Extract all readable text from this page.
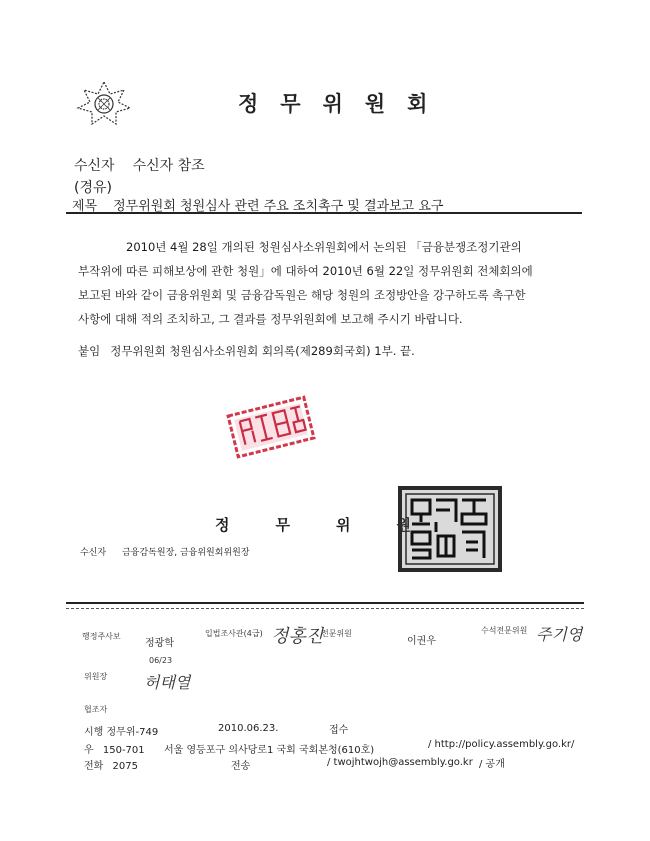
정무위원회
수신자 수신자 참조
(경유)
제목 정무위원회 청원심사 관련 주요 조치촉구 및 결과보고 요구
2010년 4월 28일 개의된 청원심사소위원회에서 논의된 「금융분쟁조정기관의
부작위에 따른 피해보상에 관한 청원」에 대하여 2010년 6월 22일 정무위원회 전체회의에
보고된 바와 같이 금융위원회 및 금융감독원은 해당 청원의 조정방안을 강구하도록 촉구한
사항에 대해 적의 조치하고, 그 결과를 정무위원회에 보고해 주시기 바랍니다.
붙임 정무위원회 청원심사소위원회 회의록(제289회국회) 1부. 끝.
정무위원
수신자 금융감독원장, 금융위원회위원장
행정주사보
정광학
입법조사관(4급) 정홍진
전문위원
이권우
수석전문위원 주기영
06/23
위원장 허태열
협조자
시행 정무위-749	2010.06.23.	접수
우 150-701 서울 영등포구 의사당로1 국회 국회본청(610호)
/ http://policy.assembly.go.kr/
전화 2075	전송	/ twojhtwojh@assembly.go.kr / 공개
